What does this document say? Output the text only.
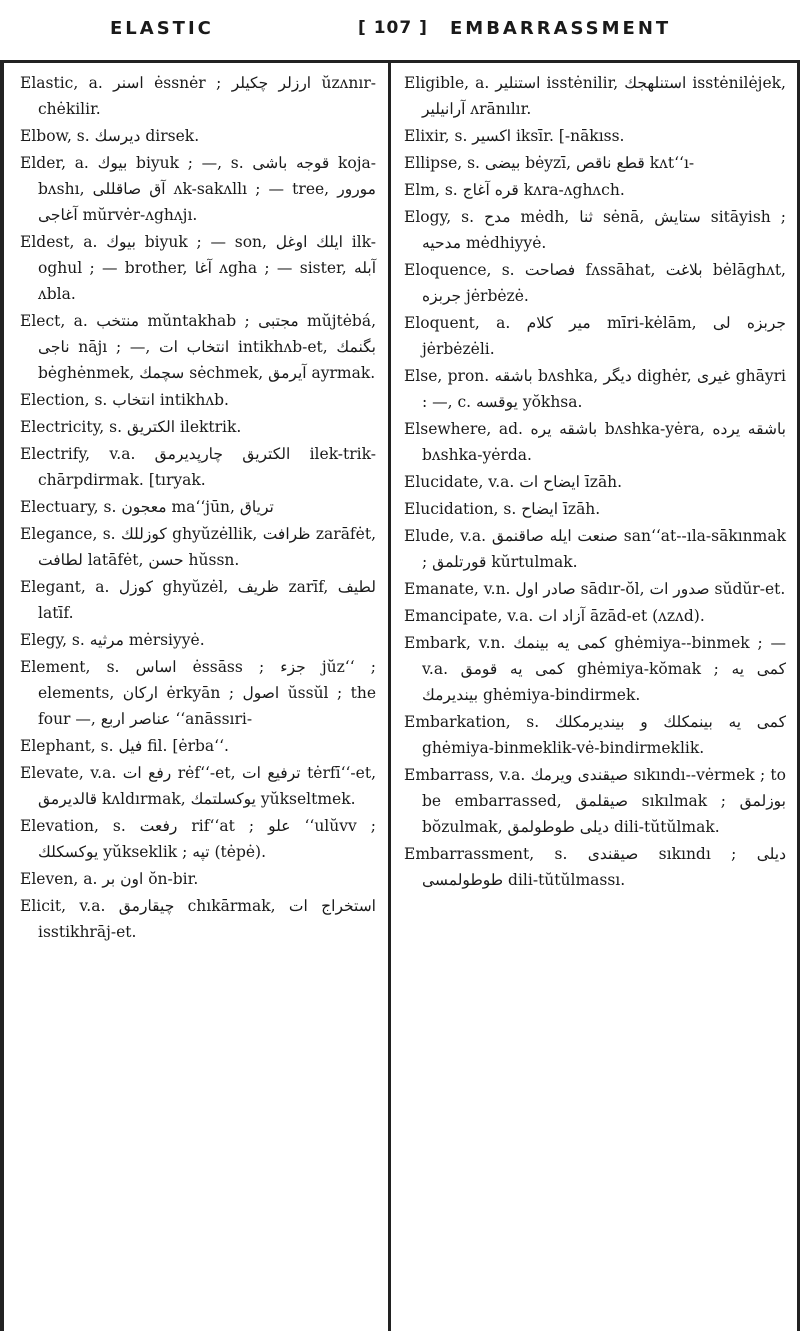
ELASTIC	[ 107 ] EMBARRASSMENT

Elastic, a. اسنر ėssnėr ; ارزلر چکیلر ŭzʌnır-chėkilir.

Elbow, s. دیرسك dirsek.

Elder, a. بیوك biyuk ; —, s. قوجه باشی koja-bʌshı, آق صاقللی ʌk-sakʌllı ; — tree, مورور آغاجی mŭrvėr-ʌghʌjı.

Eldest, a. بیوك biyuk ; — son, ایلك اوغل ilk-oghul ; — brother, آغا ʌgha ; — sister, آبله ʌbla.

Elect, a. منتخب mŭntakhab ; مجتبی mŭjtėbá, ناجی nājı ; —, انتخاب ات intikhʌb-et, بگنمك bėghėnmek, سچمك sėchmek, آیرمق ayrmak.

Election, s. انتخاب intikhʌb.

Electricity, s. الکتریق ilektrik.

Electrify, v.a. الکتریق چارپدیرمق ilek-trik-chārpdirmak. [tıryak.

Electuary, s. معجون ma‘‘jūn, تریاق

Elegance, s. كوزللك ghyŭzėllik, ظرافت zarāfėt, لطافت latāfėt, حسن hŭssn.

Elegant, a. كوزل ghyŭzėl, ظریف zarīf, لطیف latīf.

Elegy, s. مرثیه mėrsiyyė.

Element, s. اساس ėssāss ; جزء jŭz‘‘ ; elements, اركان ėrkyān ; اصول ŭssŭl ; the four —, عناصر اربع ‘‘anāssıri-

Elephant, s. فیل fil. [ėrba‘‘.

Elevate, v.a. رفع ات rėf‘‘-et, ترفیع ات tėrfī‘‘-et, قالدیرمق kʌldırmak, یوكسلتمك yŭkseltmek.

Elevation, s. رفعت rif‘‘at ; علو ‘‘ulŭvv ; یوكسكلك yŭkseklik ; تپه (tėpė).

Eleven, a. اون بر ŏn-bir.

Elicit, v.a. چیقارمق chıkārmak, استخراج ات isstikhrāj-et.

Eligible, a. استنلیر isstėnilir, استنلهجك isstėnilėjek, آرانیلیر ʌrānılır.

Elixir, s. اكسیر iksīr. [-nākıss.

Ellipse, s. بیضی bėyzī, قطع ناقص kʌt‘‘ı-

Elm, s. قره آغاج kʌra-ʌghʌch.

Elogy, s. مدح mėdh, ثنا sėnā, ستایش sitāyish ; مدحیه mėdhiyyė.

Eloquence, s. فصاحت fʌssāhat, بلاغت bėlāghʌt, جربزه jėrbėzė.

Eloquent, a. میر كلام mīri-kėlām, جربزه لی jėrbėzėli.

Else, pron. باشقه bʌshka, دیگر dighėr, غیری ghāyri : —, c. یوقسه yŏkhsa.

Elsewhere, ad. باشقه یره bʌshka-yėra, باشقه یرده bʌshka-yėrda.

Elucidate, v.a. ایضاح ات īzāh.

Elucidation, s. ایضاح īzāh.

Elude, v.a. صنعت ایله صاقنمق san‘‘at--ıla-sākınmak ; قورتلمق kŭrtulmak.

Emanate, v.n. صادر اول sādır-ŏl, صدور ات sŭdŭr-et.

Emancipate, v.a. آزاد ات āzād-et (ʌzʌd).

Embark, v.n. كمی یه بینمك ghėmiya--binmek ; — v.a. كمی یه قومق ghėmiya-kŏmak ; كمی یه بیندیرمك ghėmiya-bindirmek.

Embarkation, s. كمی یه بینمكلك و بیندیرمكلك ghėmiya-binmeklik-vė-bindirmeklik.

Embarrass, v.a. صیقندی ویرمك sıkındı--vėrmek ; to be embarrassed, صیقلمق sıkılmak ; بوزلمق bŏzulmak, دیلی طوطولمق dili-tŭtŭlmak.

Embarrassment, s. صیقندی sıkındı ; دیلی طوطولمسی dili-tŭtŭlmassı.
